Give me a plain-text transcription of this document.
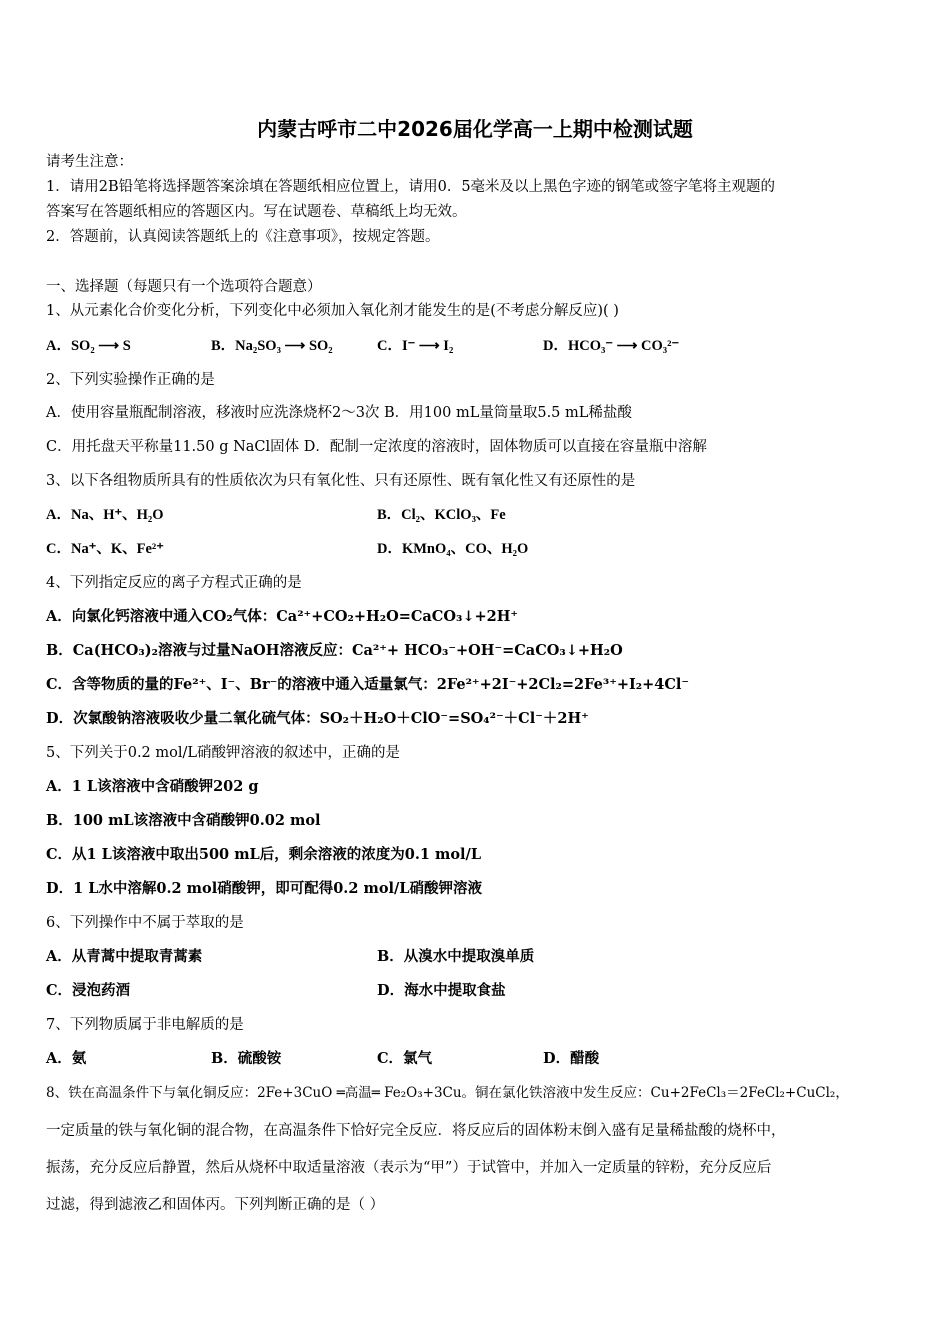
内蒙古呼市二中2026届化学高一上期中检测试题
请考生注意：
1．请用2B铅笔将选择题答案涂填在答题纸相应位置上，请用0．5毫米及以上黑色字迹的钢笔或签字笔将主观题的
答案写在答题纸相应的答题区内。写在试题卷、草稿纸上均无效。
2．答题前，认真阅读答题纸上的《注意事项》，按规定答题。
一、选择题（每题只有一个选项符合题意）
1、从元素化合价变化分析，下列变化中必须加入氧化剂才能发生的是(不考虑分解反应)( )
A．SO₂ ⟶ S	B．Na₂SO₃ ⟶ SO₂	C．I⁻ ⟶ I₂	D．HCO₃⁻ ⟶ CO₃²⁻
2、下列实验操作正确的是
A．使用容量瓶配制溶液，移液时应洗涤烧杯2～3次 B．用100 mL量筒量取5.5 mL稀盐酸
C．用托盘天平称量11.50 g NaCl固体 D．配制一定浓度的溶液时，固体物质可以直接在容量瓶中溶解
3、以下各组物质所具有的性质依次为只有氧化性、只有还原性、既有氧化性又有还原性的是
A．Na、H⁺、H₂O	B．Cl₂、KClO₃、Fe
C．Na⁺、K、Fe²⁺	D．KMnO₄、CO、H₂O
4、下列指定反应的离子方程式正确的是
A．向氯化钙溶液中通入CO₂气体：Ca²⁺+CO₂+H₂O=CaCO₃↓+2H⁺
B．Ca(HCO₃)₂溶液与过量NaOH溶液反应：Ca²⁺+ HCO₃⁻+OH⁻=CaCO₃↓+H₂O
C．含等物质的量的Fe²⁺、I⁻、Br⁻的溶液中通入适量氯气：2Fe²⁺+2I⁻+2Cl₂=2Fe³⁺+I₂+4Cl⁻
D．次氯酸钠溶液吸收少量二氧化硫气体：SO₂＋H₂O＋ClO⁻=SO₄²⁻＋Cl⁻＋2H⁺
5、下列关于0.2 mol/L硝酸钾溶液的叙述中，正确的是
A．1 L该溶液中含硝酸钾202 g
B．100 mL该溶液中含硝酸钾0.02 mol
C．从1 L该溶液中取出500 mL后，剩余溶液的浓度为0.1 mol/L
D．1 L水中溶解0.2 mol硝酸钾，即可配得0.2 mol/L硝酸钾溶液
6、下列操作中不属于萃取的是
A．从青蒿中提取青蒿素	B．从溴水中提取溴单质
C．浸泡药酒	D．海水中提取食盐
7、下列物质属于非电解质的是
A．氨	B．硫酸铵	C．氯气	D．醋酸
8、铁在高温条件下与氧化铜反应：2Fe+3CuO ═高温═ Fe₂O₃+3Cu。铜在氯化铁溶液中发生反应：Cu+2FeCl₃＝2FeCl₂+CuCl₂，
一定质量的铁与氧化铜的混合物，在高温条件下恰好完全反应．将反应后的固体粉末倒入盛有足量稀盐酸的烧杯中，
振荡，充分反应后静置，然后从烧杯中取适量溶液（表示为“甲”）于试管中，并加入一定质量的锌粉，充分反应后
过滤，得到滤液乙和固体丙。下列判断正确的是（ ）
